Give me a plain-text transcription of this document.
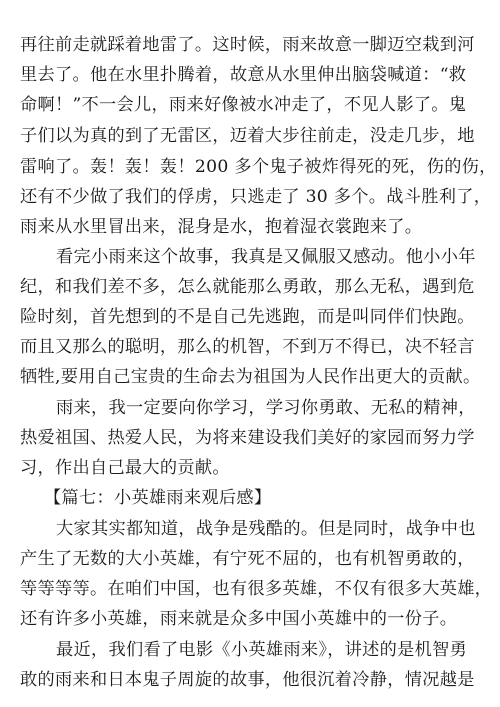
再往前走就踩着地雷了。这时候，雨来故意一脚迈空栽到河
里去了。他在水里扑腾着，故意从水里伸出脑袋喊道：“救
命啊！”不一会儿，雨来好像被水冲走了，不见人影了。鬼
子们以为真的到了无雷区，迈着大步往前走，没走几步，地
雷响了。轰！轰！轰！200 多个鬼子被炸得死的死，伤的伤，
还有不少做了我们的俘虏，只逃走了 30 多个。战斗胜利了，
雨来从水里冒出来，混身是水，抱着湿衣裳跑来了。
看完小雨来这个故事，我真是又佩服又感动。他小小年
纪，和我们差不多，怎么就能那么勇敢，那么无私，遇到危
险时刻，首先想到的不是自己先逃跑，而是叫同伴们快跑。
而且又那么的聪明，那么的机智，不到万不得已，决不轻言
牺牲,要用自己宝贵的生命去为祖国为人民作出更大的贡献。
雨来，我一定要向你学习，学习你勇敢、无私的精神，
热爱祖国、热爱人民，为将来建设我们美好的家园而努力学
习，作出自己最大的贡献。
【篇七：小英雄雨来观后感】
大家其实都知道，战争是残酷的。但是同时，战争中也
产生了无数的大小英雄，有宁死不屈的，也有机智勇敢的，
等等等等。在咱们中国，也有很多英雄，不仅有很多大英雄，
还有许多小英雄，雨来就是众多中国小英雄中的一份子。
最近，我们看了电影《小英雄雨来》，讲述的是机智勇
敢的雨来和日本鬼子周旋的故事，他很沉着冷静，情况越是
